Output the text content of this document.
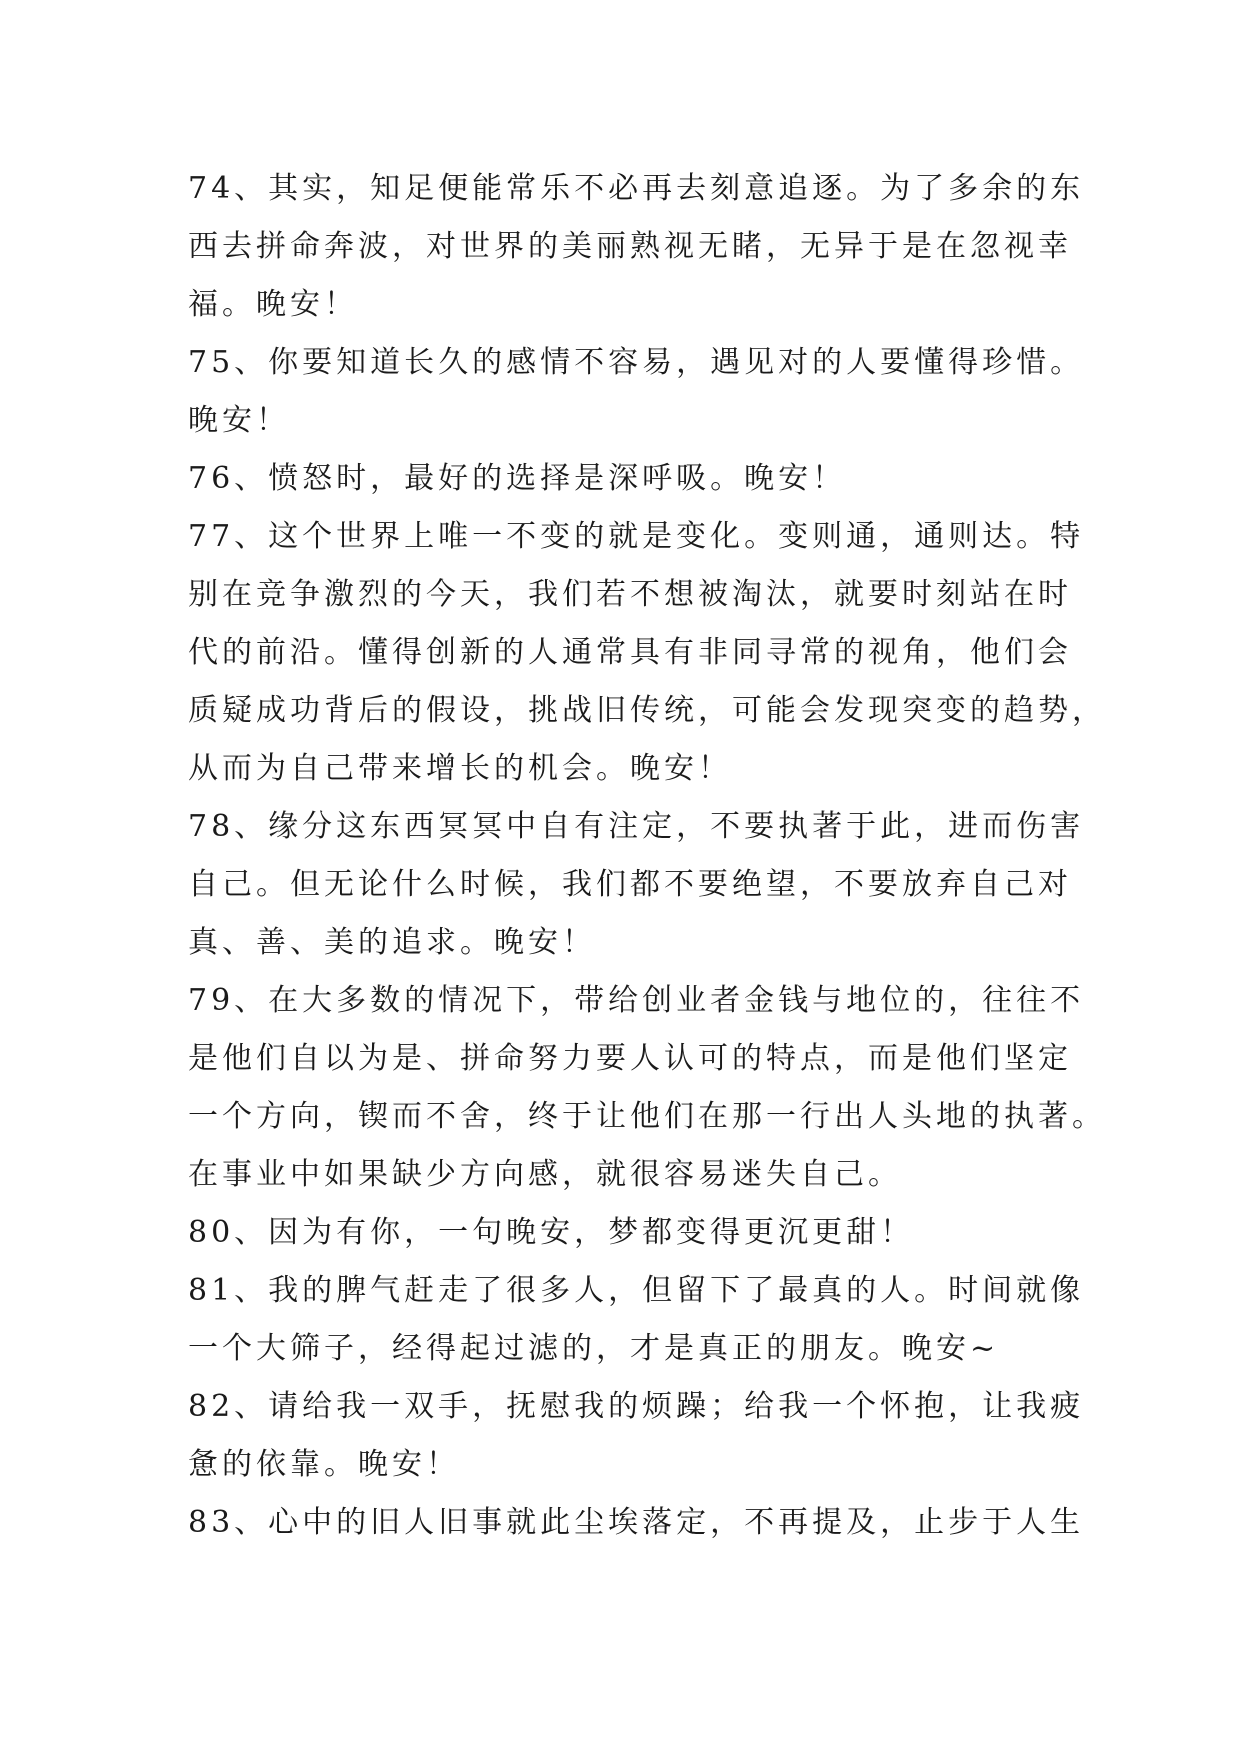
74、其实，知足便能常乐不必再去刻意追逐。为了多余的东
西去拼命奔波，对世界的美丽熟视无睹，无异于是在忽视幸
福。晚安！
75、你要知道长久的感情不容易，遇见对的人要懂得珍惜。
晚安！
76、愤怒时，最好的选择是深呼吸。晚安！
77、这个世界上唯一不变的就是变化。变则通，通则达。特
别在竞争激烈的今天，我们若不想被淘汰，就要时刻站在时
代的前沿。懂得创新的人通常具有非同寻常的视角，他们会
质疑成功背后的假设，挑战旧传统，可能会发现突变的趋势，
从而为自己带来增长的机会。晚安！
78、缘分这东西冥冥中自有注定，不要执著于此，进而伤害
自己。但无论什么时候，我们都不要绝望，不要放弃自己对
真、善、美的追求。晚安！
79、在大多数的情况下，带给创业者金钱与地位的，往往不
是他们自以为是、拼命努力要人认可的特点，而是他们坚定
一个方向，锲而不舍，终于让他们在那一行出人头地的执著。
在事业中如果缺少方向感，就很容易迷失自己。
80、因为有你，一句晚安，梦都变得更沉更甜！
81、我的脾气赶走了很多人，但留下了最真的人。时间就像
一个大筛子，经得起过滤的，才是真正的朋友。晚安~
82、请给我一双手，抚慰我的烦躁；给我一个怀抱，让我疲
惫的依靠。晚安！
83、心中的旧人旧事就此尘埃落定，不再提及，止步于人生
